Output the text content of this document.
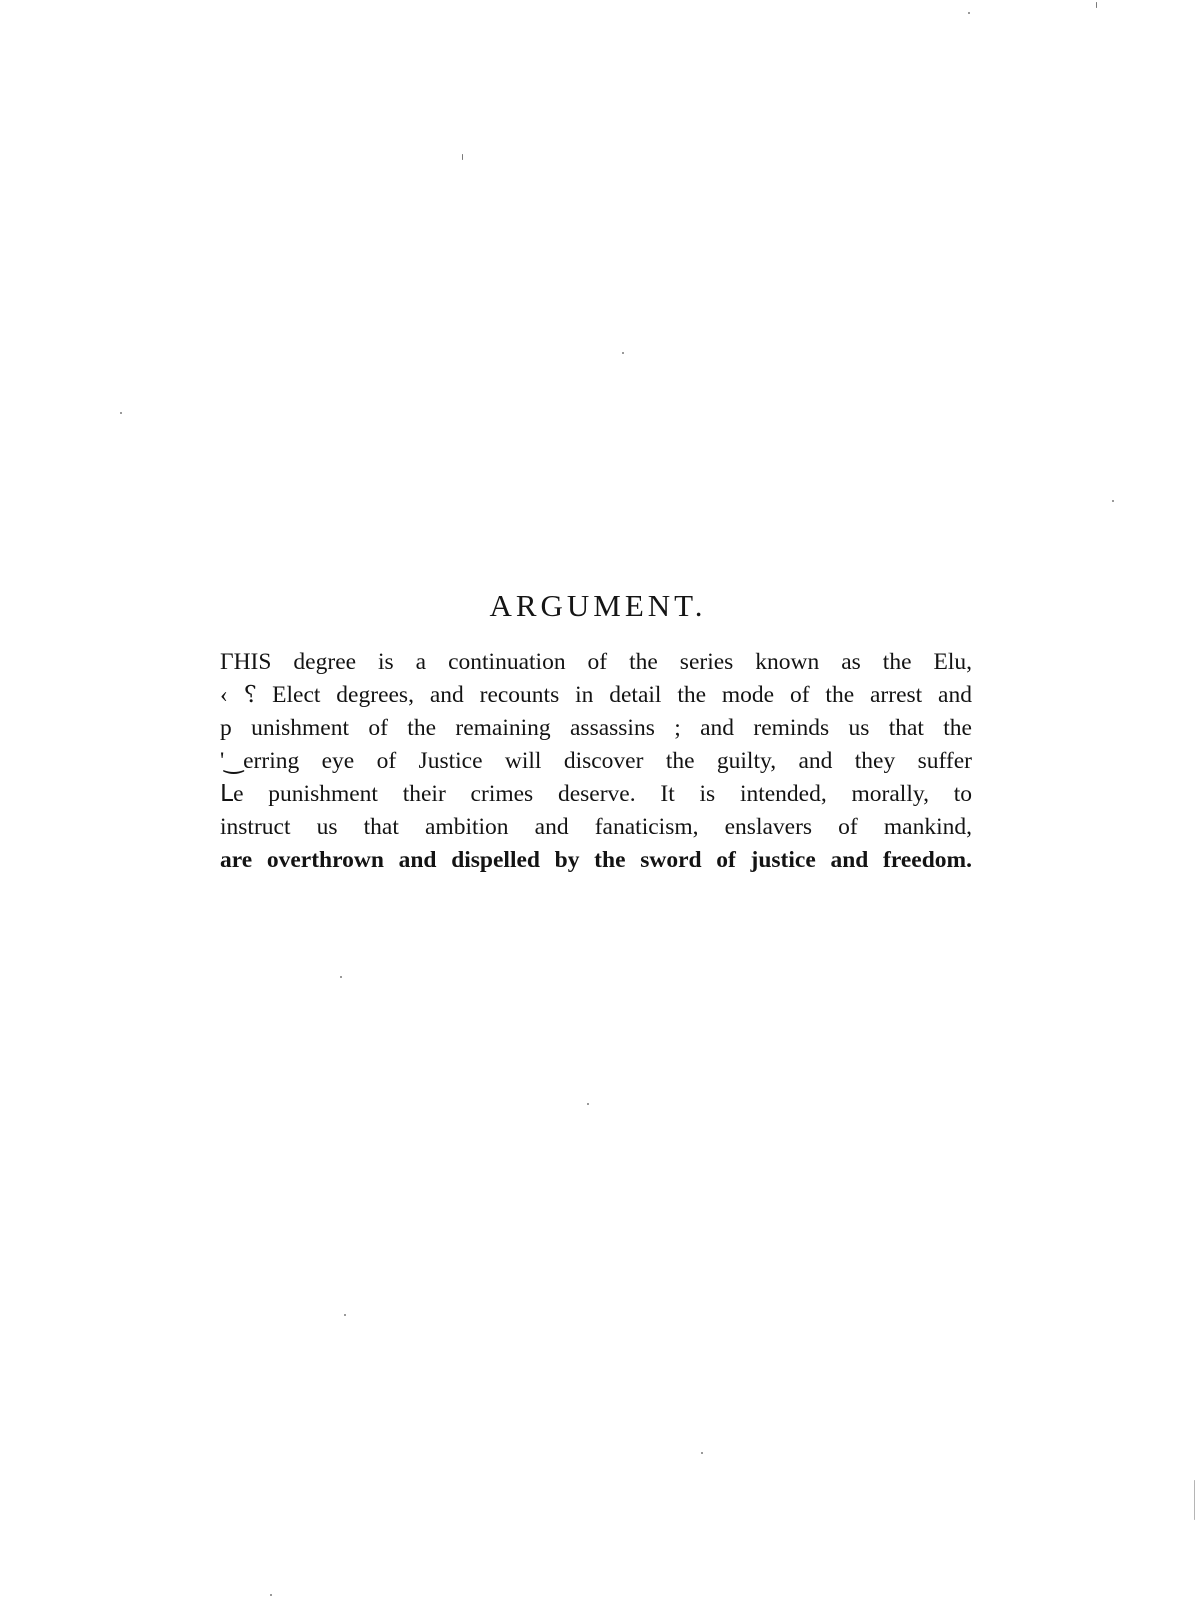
ARGUMENT.
ГHIS degree is a continuation of the series known as the Elu,
‹ ⸮ Elect degrees, and recounts in detail the mode of the arrest and
p unishment of the remaining assassins ; and reminds us that the
'‿erring eye of Justice will discover the guilty, and they suffer
ᒪe punishment their crimes deserve. It is intended, morally, to
instruct us that ambition and fanaticism, enslavers of mankind,
are overthrown and dispelled by the sword of justice and freedom.
